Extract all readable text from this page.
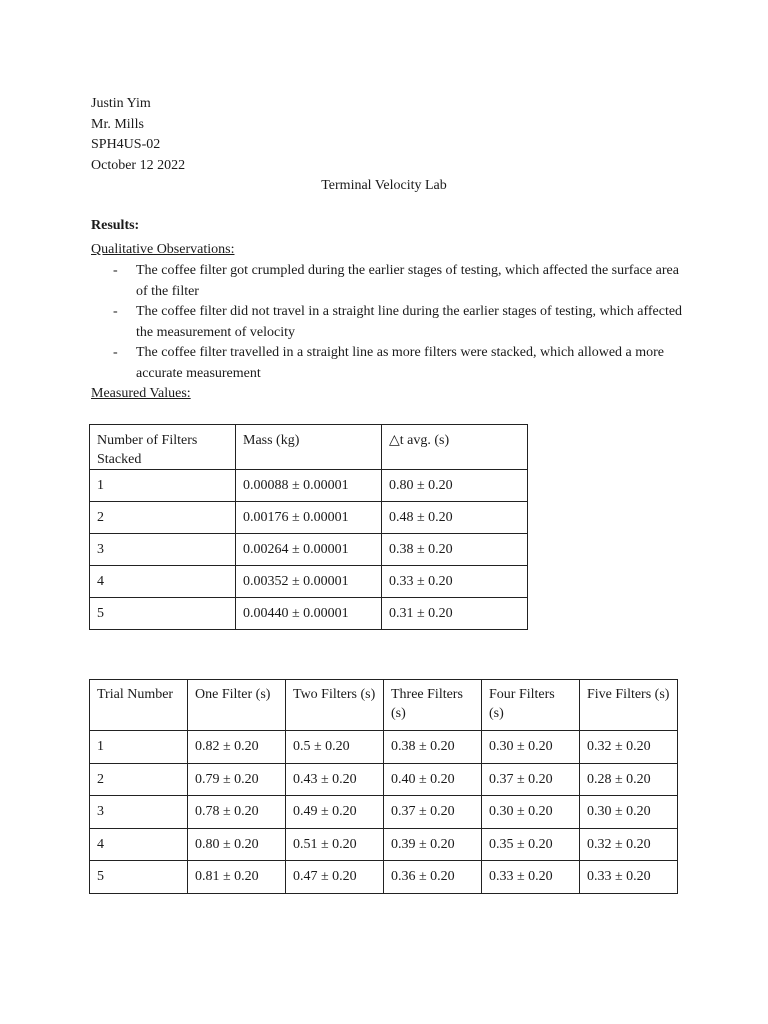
Justin Yim
Mr. Mills
SPH4US-02
October 12 2022
Terminal Velocity Lab
Results:
Qualitative Observations:
- The coffee filter got crumpled during the earlier stages of testing, which affected the surface area of the filter
- The coffee filter did not travel in a straight line during the earlier stages of testing, which affected the measurement of velocity
- The coffee filter travelled in a straight line as more filters were stacked, which allowed a more accurate measurement
Measured Values:
Number of Filters Stacked	Mass (kg)	△t avg. (s)
1	0.00088 ± 0.00001	0.80 ± 0.20
2	0.00176 ± 0.00001	0.48 ± 0.20
3	0.00264 ± 0.00001	0.38 ± 0.20
4	0.00352 ± 0.00001	0.33 ± 0.20
5	0.00440 ± 0.00001	0.31 ± 0.20
Trial Number	One Filter (s)	Two Filters (s)	Three Filters (s)	Four Filters (s)	Five Filters (s)
1	0.82 ± 0.20	0.5 ± 0.20	0.38 ± 0.20	0.30 ± 0.20	0.32 ± 0.20
2	0.79 ± 0.20	0.43 ± 0.20	0.40 ± 0.20	0.37 ± 0.20	0.28 ± 0.20
3	0.78 ± 0.20	0.49 ± 0.20	0.37 ± 0.20	0.30 ± 0.20	0.30 ± 0.20
4	0.80 ± 0.20	0.51 ± 0.20	0.39 ± 0.20	0.35 ± 0.20	0.32 ± 0.20
5	0.81 ± 0.20	0.47 ± 0.20	0.36 ± 0.20	0.33 ± 0.20	0.33 ± 0.20
